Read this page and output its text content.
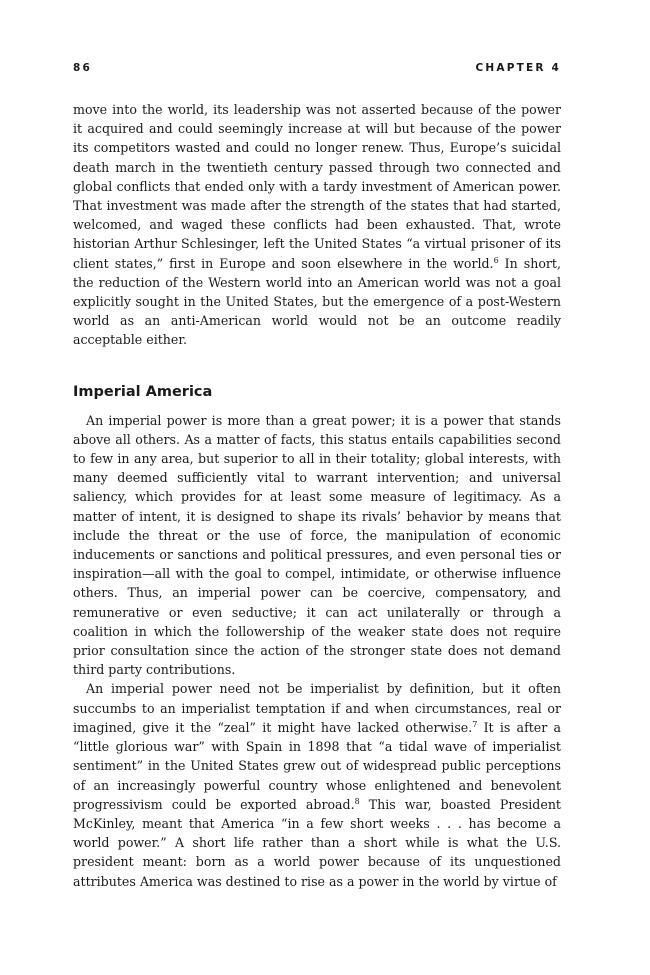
86	CHAPTER 4

move into the world, its leadership was not asserted because of the power it acquired and could seemingly increase at will but because of the power its competitors wasted and could no longer renew. Thus, Europe’s suicidal death march in the twentieth century passed through two connected and global conflicts that ended only with a tardy investment of American power. That investment was made after the strength of the states that had started, welcomed, and waged these conflicts had been exhausted. That, wrote historian Arthur Schlesinger, left the United States “a virtual prisoner of its client states,” first in Europe and soon elsewhere in the world.$^6$ In short, the reduction of the Western world into an American world was not a goal explicitly sought in the United States, but the emergence of a post-Western world as an anti-American world would not be an outcome readily acceptable either.

Imperial America

An imperial power is more than a great power; it is a power that stands above all others. As a matter of facts, this status entails capabilities second to few in any area, but superior to all in their totality; global interests, with many deemed sufficiently vital to warrant intervention; and universal saliency, which provides for at least some measure of legitimacy. As a matter of intent, it is designed to shape its rivals’ behavior by means that include the threat or the use of force, the manipulation of economic inducements or sanctions and political pressures, and even personal ties or inspiration—all with the goal to compel, intimidate, or otherwise influence others. Thus, an imperial power can be coercive, compensatory, and remunerative or even seductive; it can act unilaterally or through a coalition in which the followership of the weaker state does not require prior consultation since the action of the stronger state does not demand third party contributions.

An imperial power need not be imperialist by definition, but it often succumbs to an imperialist temptation if and when circumstances, real or imagined, give it the “zeal” it might have lacked otherwise.$^7$ It is after a “little glorious war” with Spain in 1898 that “a tidal wave of imperialist sentiment” in the United States grew out of widespread public perceptions of an increasingly powerful country whose enlightened and benevolent progressivism could be exported abroad.$^8$ This war, boasted President McKinley, meant that America “in a few short weeks . . . has become a world power.” A short life rather than a short while is what the U.S. president meant: born as a world power because of its unquestioned attributes America was destined to rise as a power in the world by virtue of
